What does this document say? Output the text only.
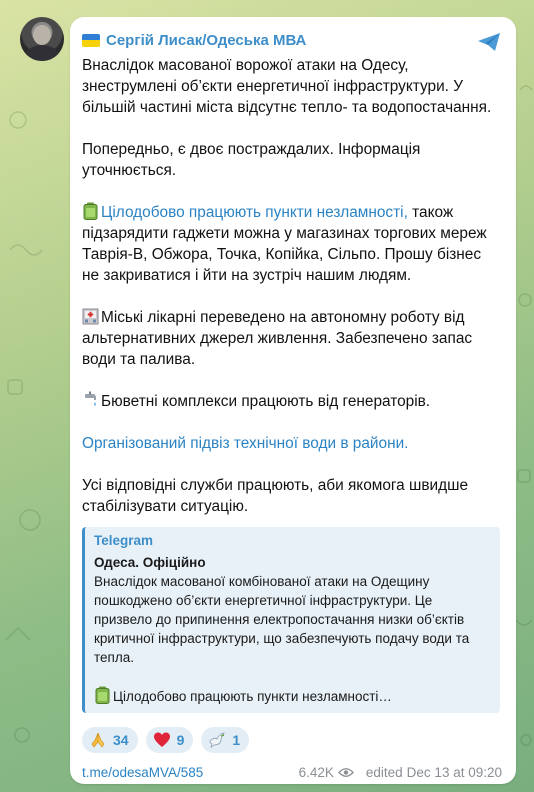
Сергій Лисак/Одеська МВА

Внаслідок масованої ворожої атаки на Одесу, знеструмлені об’єкти енергетичної інфраструктури. У більшій частині міста відсутнє тепло- та водопостачання.

Попередньо, є двоє постраждалих. Інформація уточнюється.

Цілодобово працюють пункти незламності, також підзарядити гаджети можна у магазинах торгових мереж Таврія-В, Обжора, Точка, Копійка, Сільпо. Прошу бізнес не закриватися і йти на зустріч нашим людям.

Міські лікарні переведено на автономну роботу від альтернативних джерел живлення. Забезпечено запас води та палива.

Бюветні комплекси працюють від генераторів.

Організований підвіз технічної води в райони.

Усі відповідні служби працюють, аби якомога швидше стабілізувати ситуацію.

Telegram
Одеса. Офіційно

Внаслідок масованої комбінованої атаки на Одещину пошкоджено об’єкти енергетичної інфраструктури. Це призвело до припинення електропостачання низки об’єктів критичної інфраструктури, що забезпечують подачу води та тепла.

Цілодобово працюють пункти незламності…

34	9	1
t.me/odesaMVA/585	6.42K edited Dec 13 at 09:20
